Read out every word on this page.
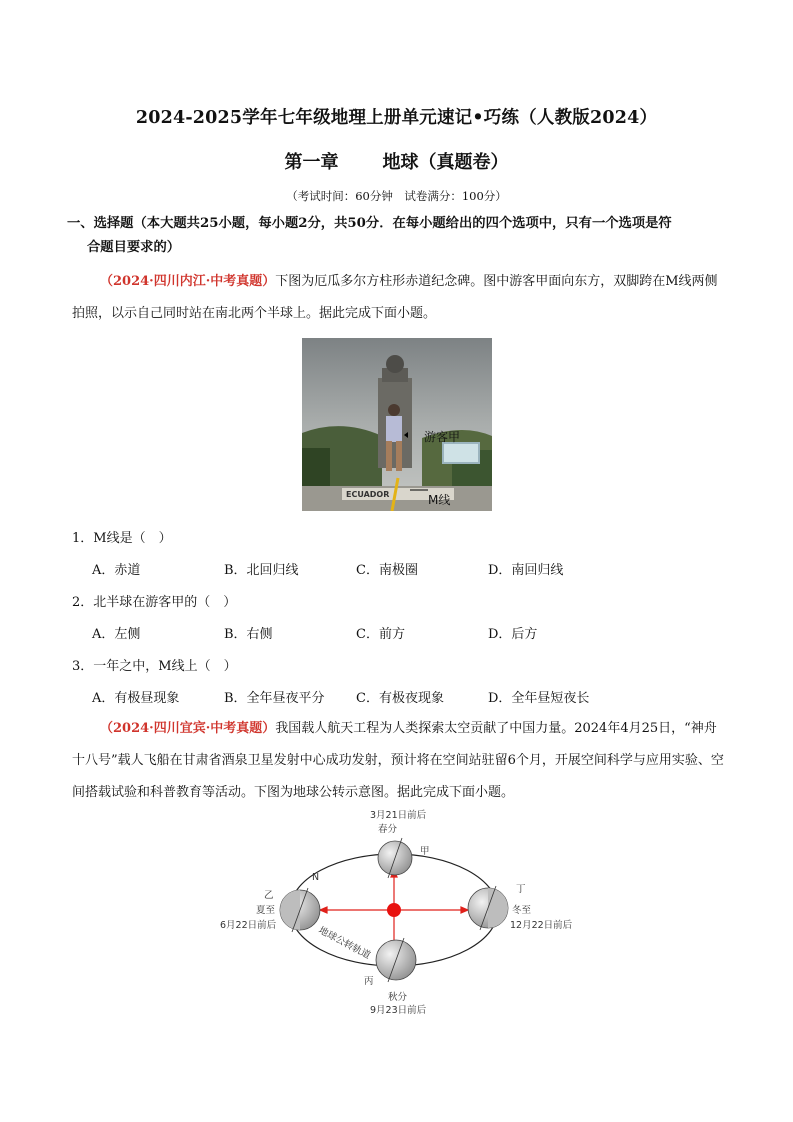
2024-2025学年七年级地理上册单元速记•巧练（人教版2024）
第一章 地球（真题卷）
（考试时间：60分钟　试卷满分：100分）
一、选择题（本大题共25小题，每小题2分，共50分．在每小题给出的四个选项中，只有一个选项是符
合题目要求的）
（2024·四川内江·中考真题）下图为厄瓜多尔方柱形赤道纪念碑。图中游客甲面向东方，双脚跨在M线两侧拍照，以示自己同时站在南北两个半球上。据此完成下面小题。
ECUADOR
游客甲
M线
1．M线是（　）
A．赤道	B．北回归线	C．南极圈	D．南回归线
2．北半球在游客甲的（　）
A．左侧	B．右侧	C．前方	D．后方
3．一年之中，M线上（　）
A．有极昼现象	B．全年昼夜平分	C．有极夜现象	D．全年昼短夜长
（2024·四川宜宾·中考真题）我国载人航天工程为人类探索太空贡献了中国力量。2024年4月25日，“神舟十八号”载人飞船在甘肃省酒泉卫星发射中心成功发射，预计将在空间站驻留6个月，开展空间科学与应用实验、空间搭载试验和科普教育等活动。下图为地球公转示意图。据此完成下面小题。
N
3月21日前后
春分
甲
乙
夏至
6月22日前后
丁
冬至
12月22日前后
丙
秋分
9月23日前后
地球公转轨道
